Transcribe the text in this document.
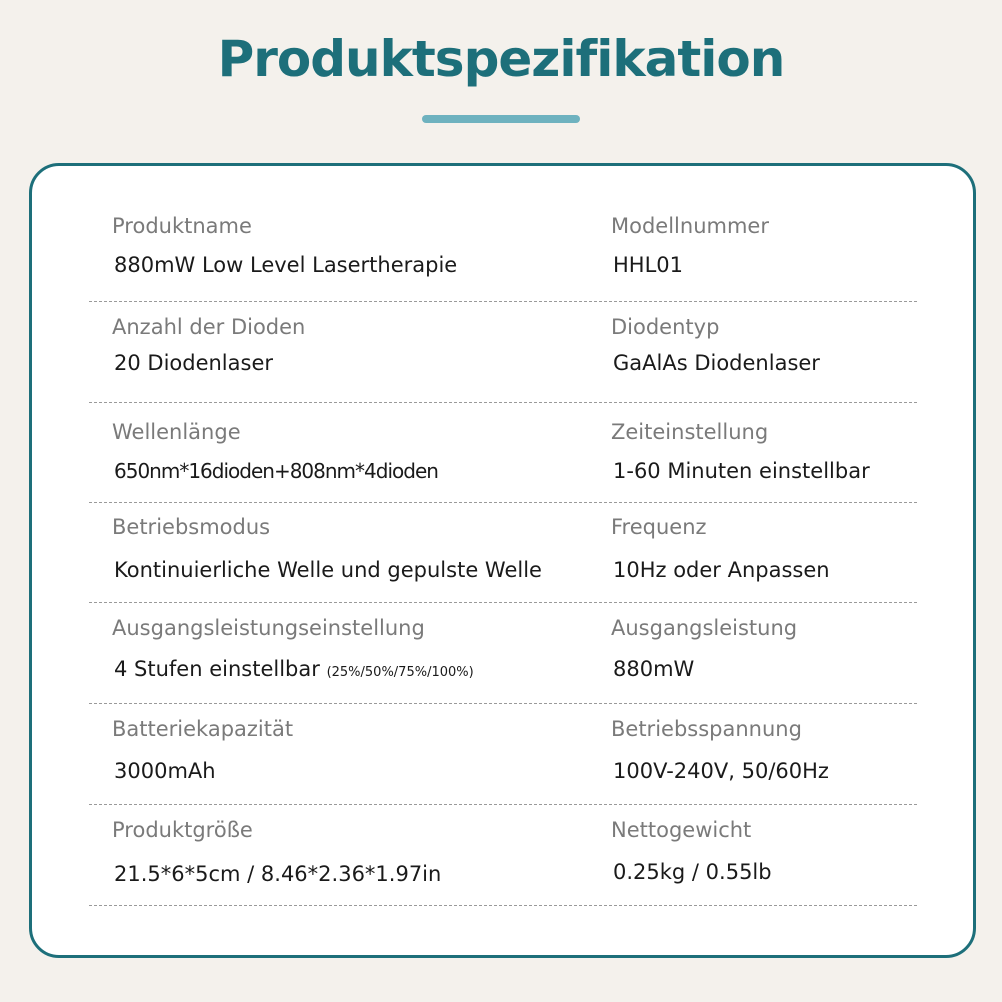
Produktspezifikation
Produktname
880mW Low Level Lasertherapie
Modellnummer
HHL01
Anzahl der Dioden
20 Diodenlaser
Diodentyp
GaAlAs Diodenlaser
Wellenlänge
650nm*16dioden+808nm*4dioden
Zeiteinstellung
1-60 Minuten einstellbar
Betriebsmodus
Kontinuierliche Welle und gepulste Welle
Frequenz
10Hz oder Anpassen
Ausgangsleistungseinstellung
4 Stufen einstellbar (25%/50%/75%/100%)
Ausgangsleistung
880mW
Batteriekapazität
3000mAh
Betriebsspannung
100V-240V, 50/60Hz
Produktgröße
21.5*6*5cm / 8.46*2.36*1.97in
Nettogewicht
0.25kg / 0.55lb
